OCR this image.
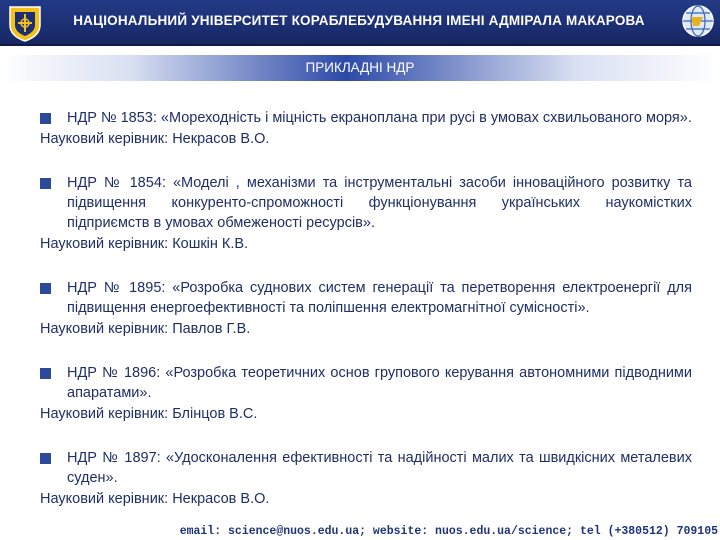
НАЦІОНАЛЬНИЙ УНІВЕРСИТЕТ КОРАБЛЕБУДУВАННЯ ІМЕНІ АДМІРАЛА МАКАРОВА
ПРИКЛАДНІ НДР
НДР № 1853: «Мореходність і міцність екраноплана при русі в умовах схвильованого моря».
Науковий керівник: Некрасов В.О.
НДР № 1854: «Моделі , механізми та інструментальні засоби інноваційного розвитку та підвищення конкуренто-спроможності функціонування українських наукомістких підприємств в умовах обмеженості ресурсів».
Науковий керівник: Кошкін К.В.
НДР № 1895: «Розробка суднових систем генерації та перетворення електроенергії для підвищення енергоефективності та поліпшення електромагнітної сумісності».
Науковий керівник: Павлов Г.В.
НДР № 1896: «Розробка теоретичних основ групового керування автономними підводними апаратами».
Науковий керівник: Блінцов В.С.
НДР № 1897: «Удосконалення ефективності та надійності малих та швидкісних металевих суден».
Науковий керівник: Некрасов В.О.
email: science@nuos.edu.ua; website: nuos.edu.ua/science; tel (+380512) 709105
